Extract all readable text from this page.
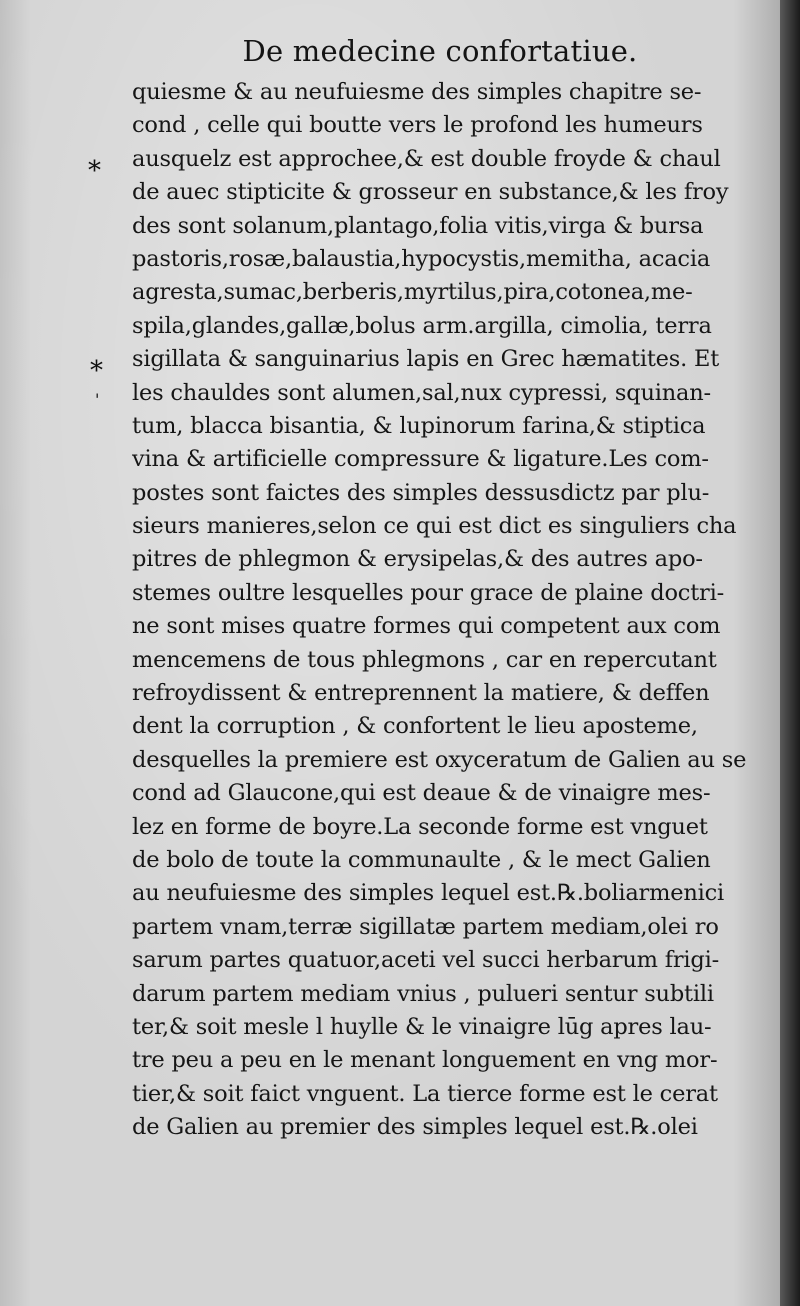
De medecine confortatiue.
*
*
'
quiesme & au neufuiesme des simples chapitre se-
cond , celle qui boutte vers le profond les humeurs
ausquelz est approchee,& est double froyde & chaul
de auec stipticite & grosseur en substance,& les froy
des sont solanum,plantago,folia vitis,virga & bursa
pastoris,rosæ,balaustia,hypocystis,memitha, acacia
agresta,sumac,berberis,myrtilus,pira,cotonea,me-
spila,glandes,gallæ,bolus arm.argilla, cimolia, terra
sigillata & sanguinarius lapis en Grec hæmatites. Et
les chauldes sont alumen,sal,nux cypressi, squinan-
tum, blacca bisantia, & lupinorum farina,& stiptica
vina & artificielle compressure & ligature.Les com-
postes sont faictes des simples dessusdictz par plu-
sieurs manieres,selon ce qui est dict es singuliers cha
pitres de phlegmon & erysipelas,& des autres apo-
stemes oultre lesquelles pour grace de plaine doctri-
ne sont mises quatre formes qui competent aux com
mencemens de tous phlegmons , car en repercutant
refroydissent & entreprennent la matiere, & deffen
dent la corruption , & confortent le lieu aposteme,
desquelles la premiere est oxyceratum de Galien au se
cond ad Glaucone,qui est deaue & de vinaigre mes-
lez en forme de boyre.La seconde forme est vnguet
de bolo de toute la communaulte , & le mect Galien
au neufuiesme des simples lequel est.℞.boliarmenici
partem vnam,terræ sigillatæ partem mediam,olei ro
sarum partes quatuor,aceti vel succi herbarum frigi-
darum partem mediam vnius , pulueri sentur subtili
ter,& soit mesle l huylle & le vinaigre lūg apres lau-
tre peu a peu en le menant longuement en vng mor-
tier,& soit faict vnguent. La tierce forme est le cerat
de Galien au premier des simples lequel est.℞.olei
